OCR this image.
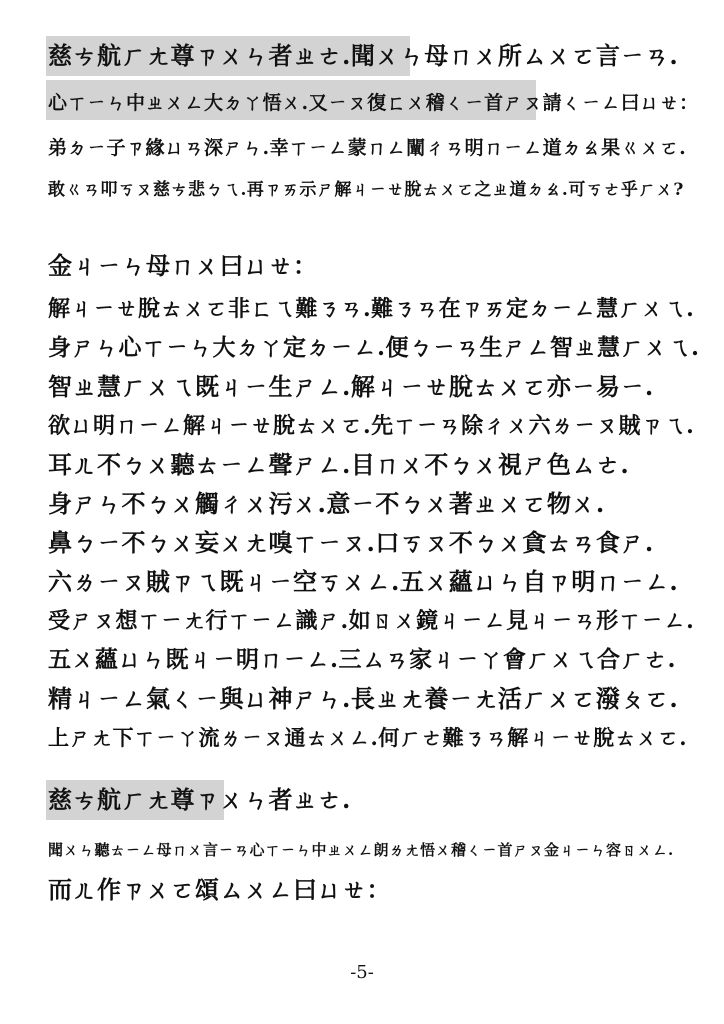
慈ㄘ航ㄏㄤ尊ㄗㄨㄣ者ㄓㄜ.聞ㄨㄣ母ㄇㄨ所ㄙㄨㄛ言ㄧㄢ.
心ㄒㄧㄣ中ㄓㄨㄥ大ㄉㄚ悟ㄨ.又ㄧㄡ復ㄈㄨ稽ㄑㄧ首ㄕㄡ請ㄑㄧㄥ曰ㄩㄝ：
弟ㄉㄧ子ㄗ緣ㄩㄢ深ㄕㄣ.幸ㄒㄧㄥ蒙ㄇㄥ闡ㄔㄢ明ㄇㄧㄥ道ㄉㄠ果ㄍㄨㄛ.
敢ㄍㄢ叩ㄎㄡ慈ㄘ悲ㄅㄟ.再ㄗㄞ示ㄕ解ㄐㄧㄝ脫ㄊㄨㄛ之ㄓ道ㄉㄠ.可ㄎㄜ乎ㄏㄨ?
金ㄐㄧㄣ母ㄇㄨ曰ㄩㄝ：
解ㄐㄧㄝ脫ㄊㄨㄛ非ㄈㄟ難ㄋㄢ.難ㄋㄢ在ㄗㄞ定ㄉㄧㄥ慧ㄏㄨㄟ.
身ㄕㄣ心ㄒㄧㄣ大ㄉㄚ定ㄉㄧㄥ.便ㄅㄧㄢ生ㄕㄥ智ㄓ慧ㄏㄨㄟ.
智ㄓ慧ㄏㄨㄟ既ㄐㄧ生ㄕㄥ.解ㄐㄧㄝ脫ㄊㄨㄛ亦ㄧ易ㄧ.
欲ㄩ明ㄇㄧㄥ解ㄐㄧㄝ脫ㄊㄨㄛ.先ㄒㄧㄢ除ㄔㄨ六ㄌㄧㄡ賊ㄗㄟ.
耳ㄦ不ㄅㄨ聽ㄊㄧㄥ聲ㄕㄥ.目ㄇㄨ不ㄅㄨ視ㄕ色ㄙㄜ.
身ㄕㄣ不ㄅㄨ觸ㄔㄨ污ㄨ.意ㄧ不ㄅㄨ著ㄓㄨㄛ物ㄨ.
鼻ㄅㄧ不ㄅㄨ妄ㄨㄤ嗅ㄒㄧㄡ.口ㄎㄡ不ㄅㄨ貪ㄊㄢ食ㄕ.
六ㄌㄧㄡ賊ㄗㄟ既ㄐㄧ空ㄎㄨㄥ.五ㄨ蘊ㄩㄣ自ㄗ明ㄇㄧㄥ.
受ㄕㄡ想ㄒㄧㄤ行ㄒㄧㄥ識ㄕ.如ㄖㄨ鏡ㄐㄧㄥ見ㄐㄧㄢ形ㄒㄧㄥ.
五ㄨ蘊ㄩㄣ既ㄐㄧ明ㄇㄧㄥ.三ㄙㄢ家ㄐㄧㄚ會ㄏㄨㄟ合ㄏㄜ.
精ㄐㄧㄥ氣ㄑㄧ與ㄩ神ㄕㄣ.長ㄓㄤ養ㄧㄤ活ㄏㄨㄛ潑ㄆㄛ.
上ㄕㄤ下ㄒㄧㄚ流ㄌㄧㄡ通ㄊㄨㄥ.何ㄏㄜ難ㄋㄢ解ㄐㄧㄝ脫ㄊㄨㄛ.
慈ㄘ航ㄏㄤ尊ㄗㄨㄣ者ㄓㄜ.
聞ㄨㄣ聽ㄊㄧㄥ母ㄇㄨ言ㄧㄢ心ㄒㄧㄣ中ㄓㄨㄥ朗ㄌㄤ悟ㄨ稽ㄑㄧ首ㄕㄡ金ㄐㄧㄣ容ㄖㄨㄥ.
而ㄦ作ㄗㄨㄛ頌ㄙㄨㄥ曰ㄩㄝ：
-5-
